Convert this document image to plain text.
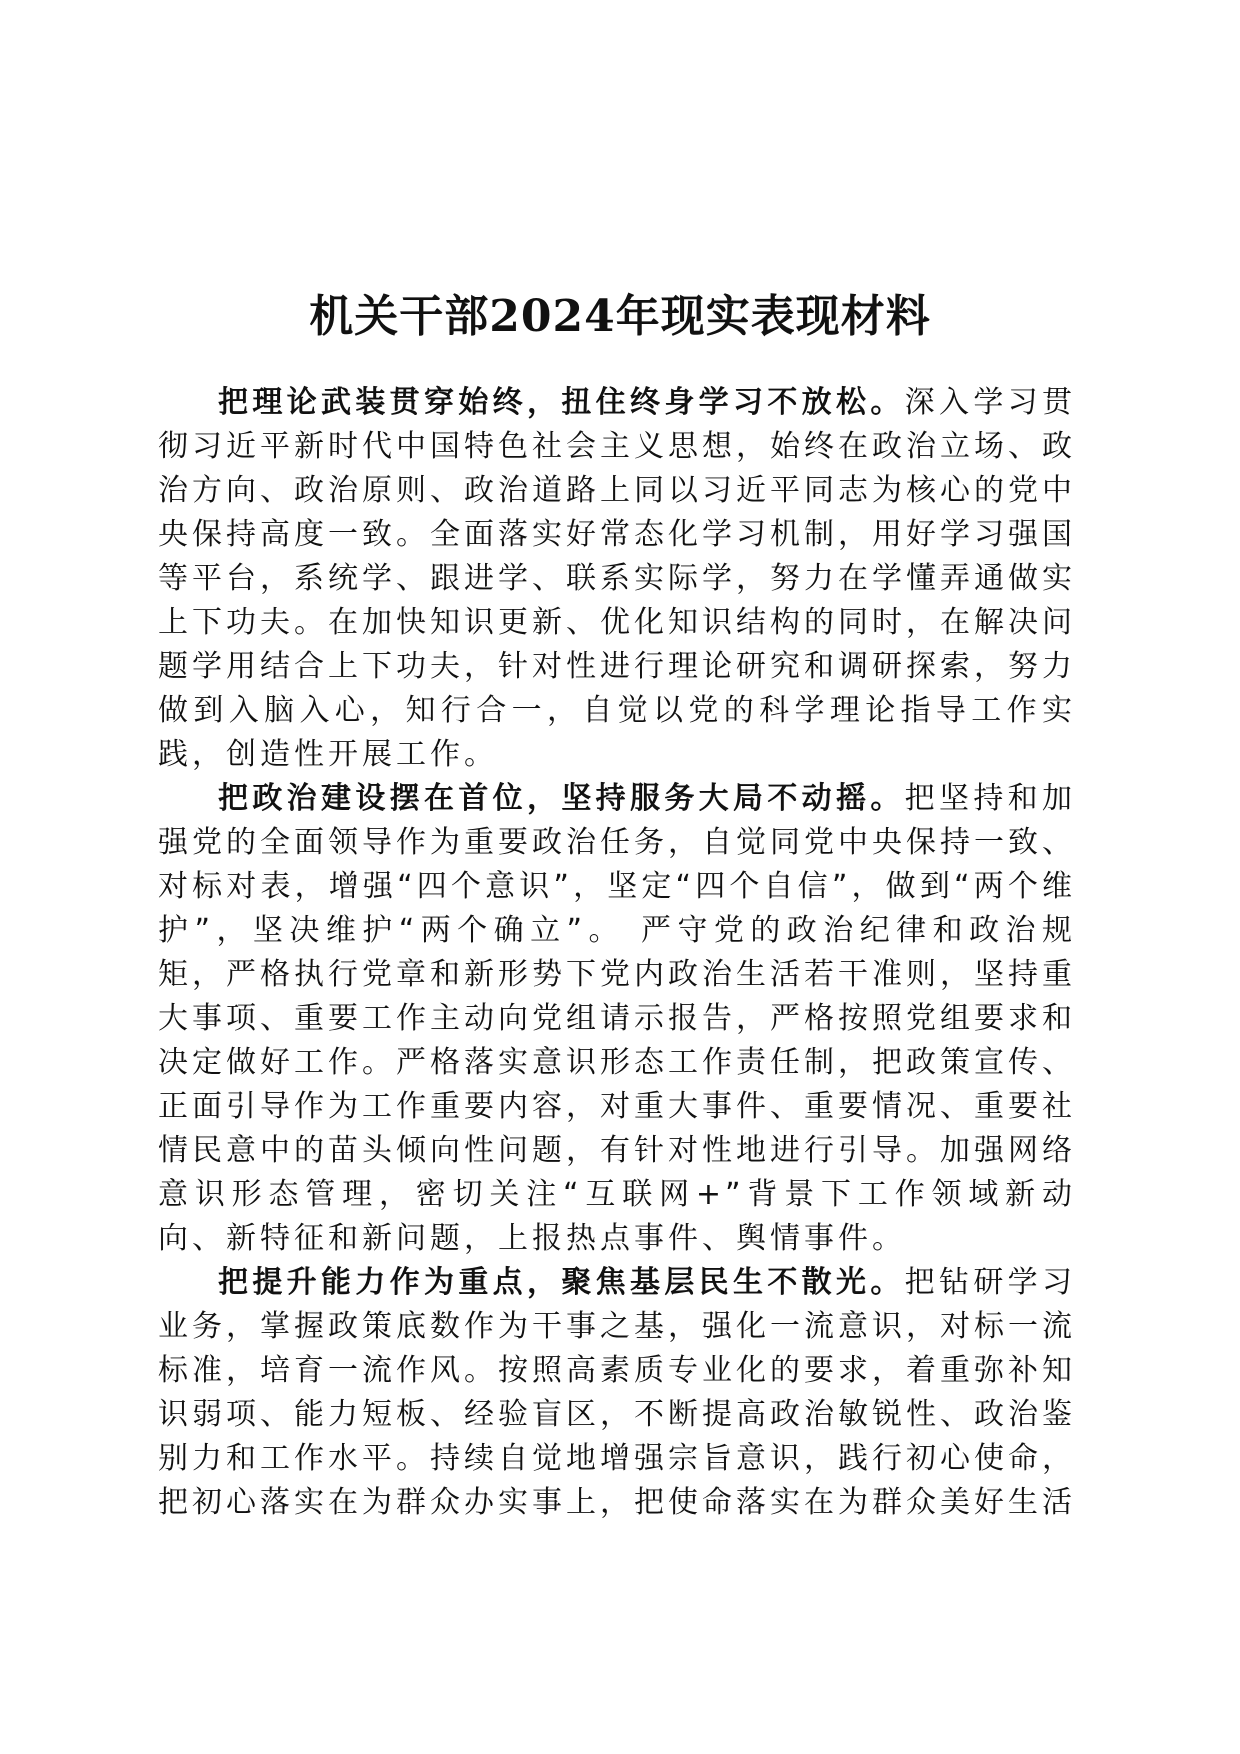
机关干部2024年现实表现材料

把理论武装贯穿始终，扭住终身学习不放松。深入学习贯彻习近平新时代中国特色社会主义思想，始终在政治立场、政治方向、政治原则、政治道路上同以习近平同志为核心的党中央保持高度一致。全面落实好常态化学习机制，用好学习强国等平台，系统学、跟进学、联系实际学，努力在学懂弄通做实上下功夫。在加快知识更新、优化知识结构的同时，在解决问题学用结合上下功夫，针对性进行理论研究和调研探索，努力做到入脑入心，知行合一，自觉以党的科学理论指导工作实践，创造性开展工作。

把政治建设摆在首位，坚持服务大局不动摇。把坚持和加强党的全面领导作为重要政治任务，自觉同党中央保持一致、对标对表，增强“四个意识”，坚定“四个自信”，做到“两个维护”，坚决维护“两个确立”。 严守党的政治纪律和政治规矩，严格执行党章和新形势下党内政治生活若干准则，坚持重大事项、重要工作主动向党组请示报告，严格按照党组要求和决定做好工作。严格落实意识形态工作责任制，把政策宣传、正面引导作为工作重要内容，对重大事件、重要情况、重要社情民意中的苗头倾向性问题，有针对性地进行引导。加强网络意识形态管理，密切关注“互联网+”背景下工作领域新动向、新特征和新问题，上报热点事件、舆情事件。

把提升能力作为重点，聚焦基层民生不散光。把钻研学习业务，掌握政策底数作为干事之基，强化一流意识，对标一流标准，培育一流作风。按照高素质专业化的要求，着重弥补知识弱项、能力短板、经验盲区，不断提高政治敏锐性、政治鉴别力和工作水平。持续自觉地增强宗旨意识，践行初心使命，把初心落实在为群众办实事上，把使命落实在为群众美好生活
